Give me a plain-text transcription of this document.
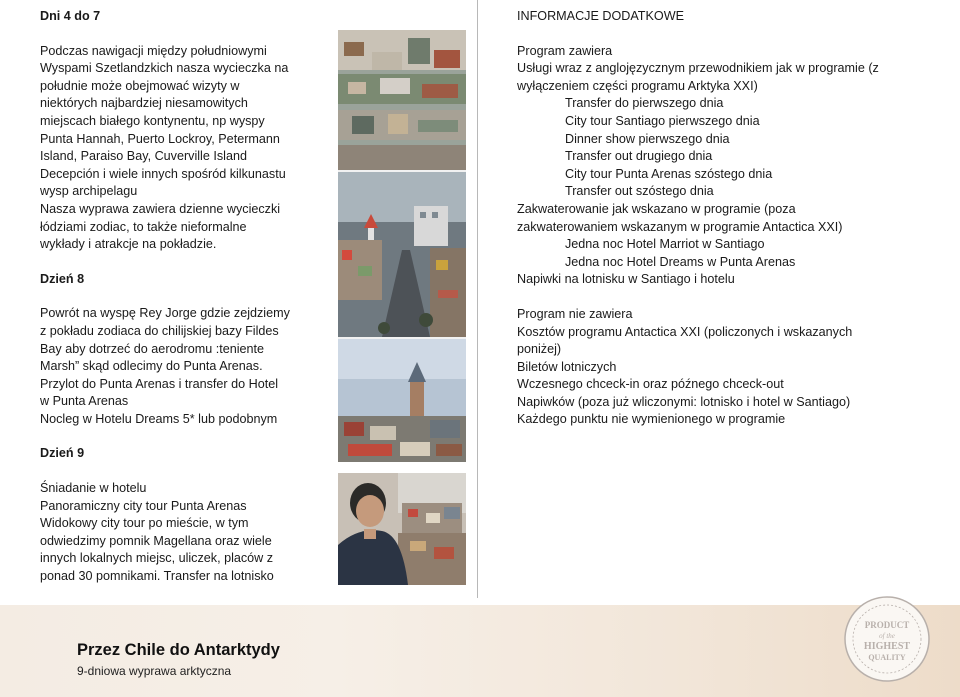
Dni 4 do 7
Podczas nawigacji między południowymi
Wyspami Szetlandzkich nasza wycieczka na
południe może obejmować wizyty w
niektórych najbardziej niesamowitych
miejscach białego kontynentu, np wyspy
Punta Hannah, Puerto Lockroy, Petermann
Island, Paraiso Bay, Cuverville Island
Decepción i wiele innych spośród kilkunastu
wysp archipelagu
Nasza wyprawa zawiera dzienne wycieczki
łódziami zodiac, to także nieformalne
wykłady i atrakcje na pokładzie.
Dzień 8
Powrót na wyspę Rey Jorge gdzie zejdziemy
z pokładu zodiaca do chilijskiej bazy Fildes
Bay aby dotrzeć do aerodromu :teniente
Marsh” skąd odlecimy do Punta Arenas.
Przylot do Punta Arenas i transfer do Hotel
w Punta Arenas
Nocleg w Hotelu Dreams 5* lub podobnym
Dzień 9
Śniadanie w hotelu
Panoramiczny city tour Punta Arenas
Widokowy city tour po mieście, w tym
odwiedzimy pomnik Magellana oraz wiele
innych lokalnych miejsc, uliczek, placów z
ponad 30 pomnikami. Transfer na lotnisko
INFORMACJE DODATKOWE
Program zawiera
Usługi wraz z anglojęzycznym przewodnikiem jak w programie (z
wyłączeniem części programu Arktyka XXI)
Transfer do pierwszego dnia
City tour Santiago pierwszego dnia
Dinner show pierwszego dnia
Transfer out drugiego dnia
City tour Punta Arenas szóstego dnia
Transfer out szóstego dnia
Zakwaterowanie jak wskazano w programie (poza
zakwaterowaniem wskazanym w programie Antactica XXI)
Jedna noc Hotel Marriot w Santiago
Jedna noc Hotel Dreams w Punta Arenas
Napiwki na lotnisku w Santiago i hotelu
Program nie zawiera
Kosztów programu Antactica XXI (policzonych i wskazanych
poniżej)
Biletów lotniczych
Wczesnego chceck-in oraz późnego chceck-out
Napiwków (poza już wliczonymi: lotnisko i hotel w Santiago)
Każdego punktu nie wymienionego w programie
Przez Chile do Antarktydy
9-dniowa wyprawa arktyczna
PRODUCT
of the
HIGHEST
QUALITY
